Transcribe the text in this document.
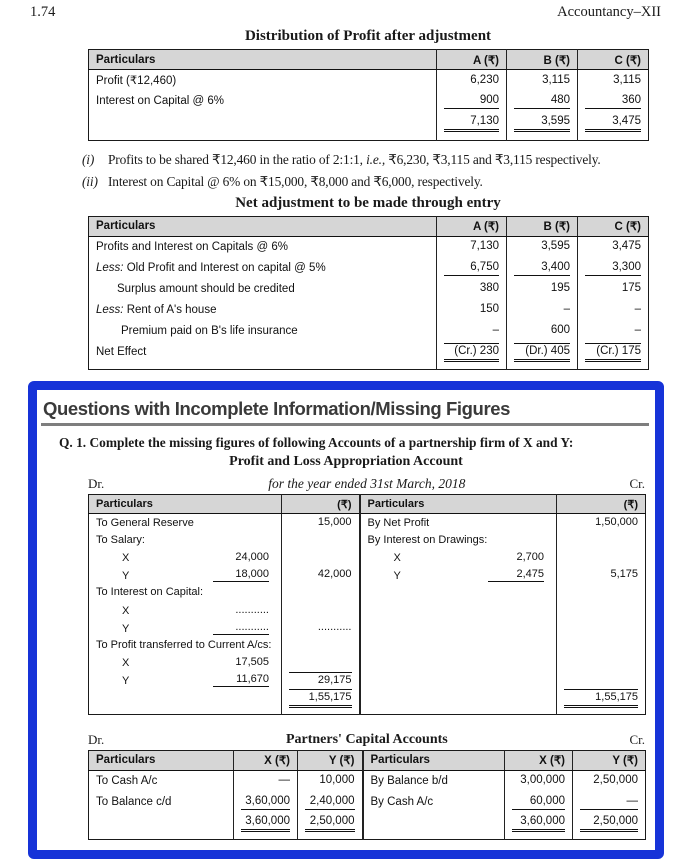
1.74	Accountancy–XII
Distribution of Profit after adjustment
Particulars	A (₹)	B (₹)	C (₹)
Profit (₹12,460)	6,230	3,115	3,115

Interest on Capital @ 6%	900	480	360

	7,130	3,595	3,475
(i) Profits to be shared ₹12,460 in the ratio of 2:1:1, i.e., ₹6,230, ₹3,115 and ₹3,115 respectively.
(ii) Interest on Capital @ 6% on ₹15,000, ₹8,000 and ₹6,000, respectively.
Net adjustment to be made through entry
Particulars	A (₹)	B (₹)	C (₹)
Profits and Interest on Capitals @ 6%	7,130	3,595	3,475

Less: Old Profit and Interest on capital @ 5%	6,750	3,400	3,300

Surplus amount should be credited	380	195	175

Less: Rent of A's house	150	–	–

Premium paid on B's life insurance	–	600	–

Net Effect	(Cr.) 230	(Dr.) 405	(Cr.) 175
Questions with Incomplete Information/Missing Figures
Q. 1. Complete the missing figures of following Accounts of a partnership firm of X and Y:
Profit and Loss Appropriation Account
Dr.	for the year ended 31st March, 2018	Cr.
Particulars	(₹)	Particulars	(₹)
To General Reserve	15,000	By Net Profit	1,50,000

To Salary:		By Interest on Drawings:	

X 24,000		X 2,700	

Y 18,000	42,000	Y 2,475	5,175

To Interest on Capital:			

X ...........			

Y ...........	...........		

To Profit transferred to Current A/cs:			

X 17,505			

Y 11,670	29,175		

	1,55,175		1,55,175
Dr.	Partners' Capital Accounts	Cr.
Particulars	X (₹)	Y (₹)	Particulars	X (₹)	Y (₹)
To Cash A/c	—	10,000	By Balance b/d	3,00,000	2,50,000

To Balance c/d	3,60,000	2,40,000	By Cash A/c	60,000	—

	3,60,000	2,50,000		3,60,000	2,50,000
